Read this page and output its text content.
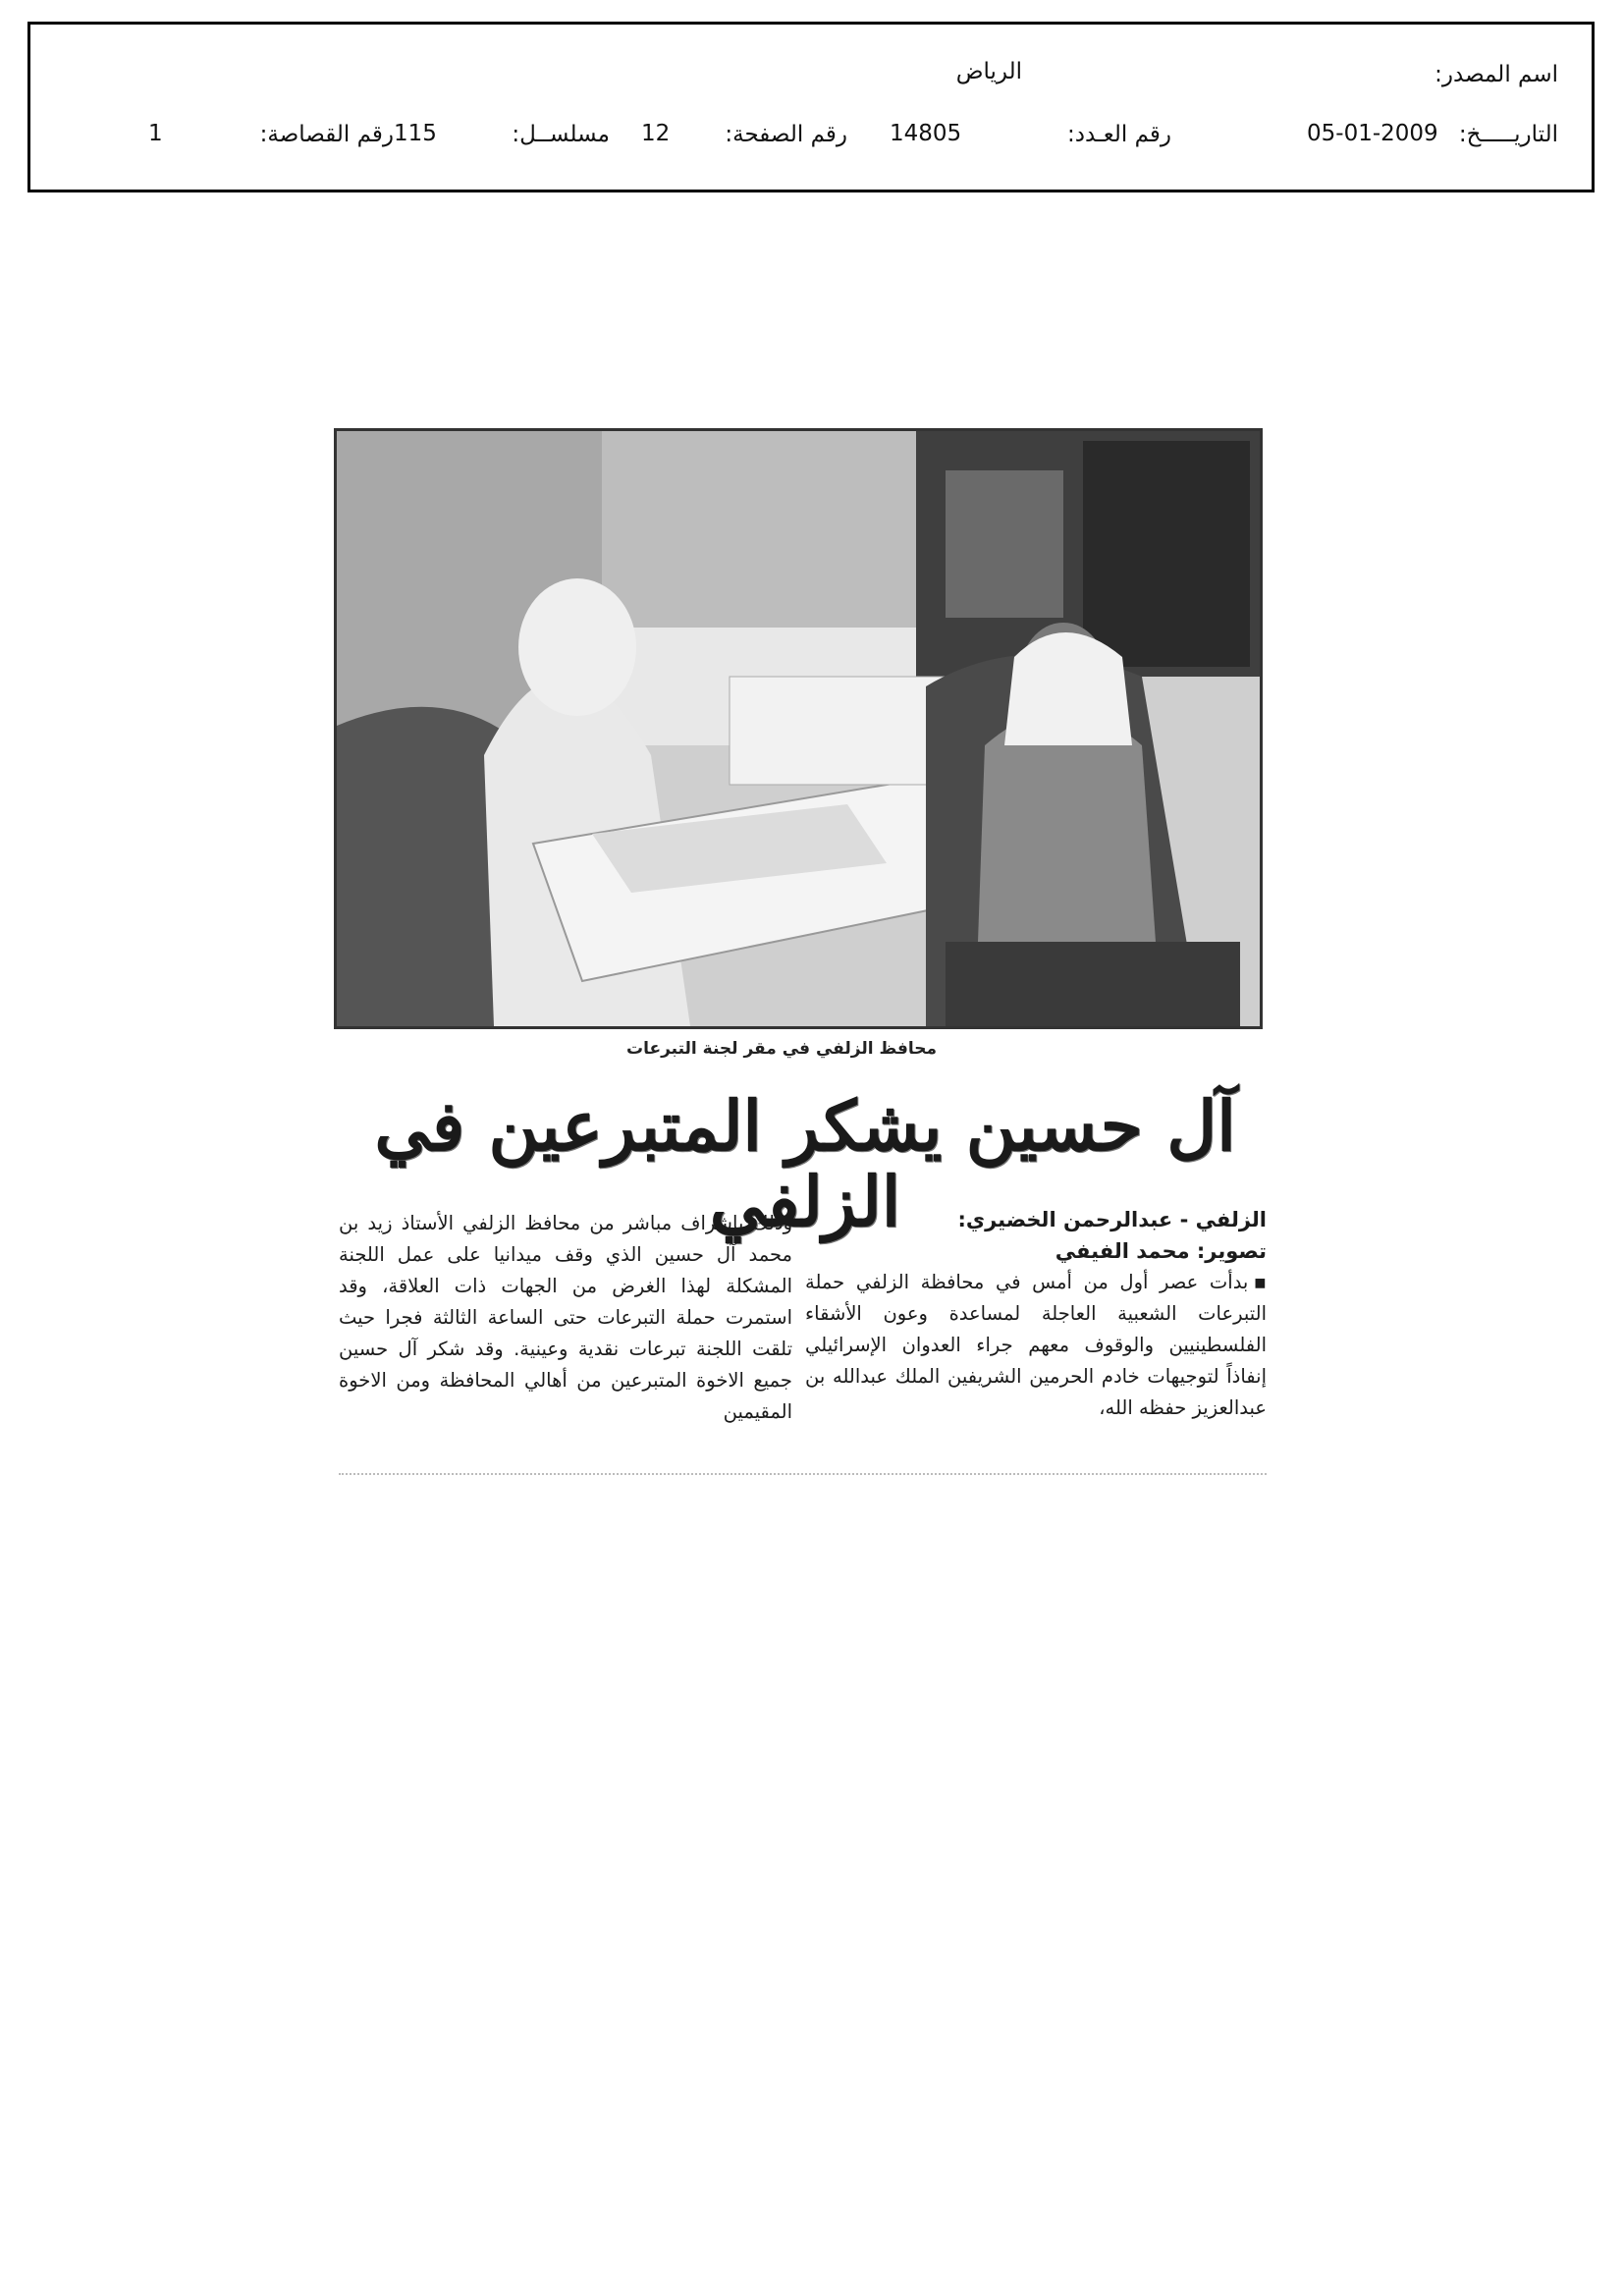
اسم المصدر:
الرياض
التاريـــــخ:
05-01-2009
رقم العـدد:
14805
رقم الصفحة:
12
مسلســل:
115
رقم القصاصة:
1
محافظ الزلفي في مقر لجنة التبرعات
آل حسين يشكر المتبرعين في الزلفي	الزلفي - عبدالرحمن الخضيري:
تصوير: محمد الفيفي

▪بدأت عصر أول من أمس في محافظة الزلفي حملة التبرعات الشعبية العاجلة لمساعدة وعون الأشقاء الفلسطينيين والوقوف معهم جراء العدوان الإسرائيلي إنفاذاً لتوجيهات خادم الحرمين الشريفين الملك عبدالله بن عبدالعزيز حفظه الله،

وذلك بإشراف مباشر من محافظ الزلفي الأستاذ زيد بن محمد آل حسين الذي وقف ميدانيا على عمل اللجنة المشكلة لهذا الغرض من الجهات ذات العلاقة، وقد استمرت حملة التبرعات حتى الساعة الثالثة فجرا حيث تلقت اللجنة تبرعات نقدية وعينية. وقد شكر آل حسين جميع الاخوة المتبرعين من أهالي المحافظة ومن الاخوة المقيمين
